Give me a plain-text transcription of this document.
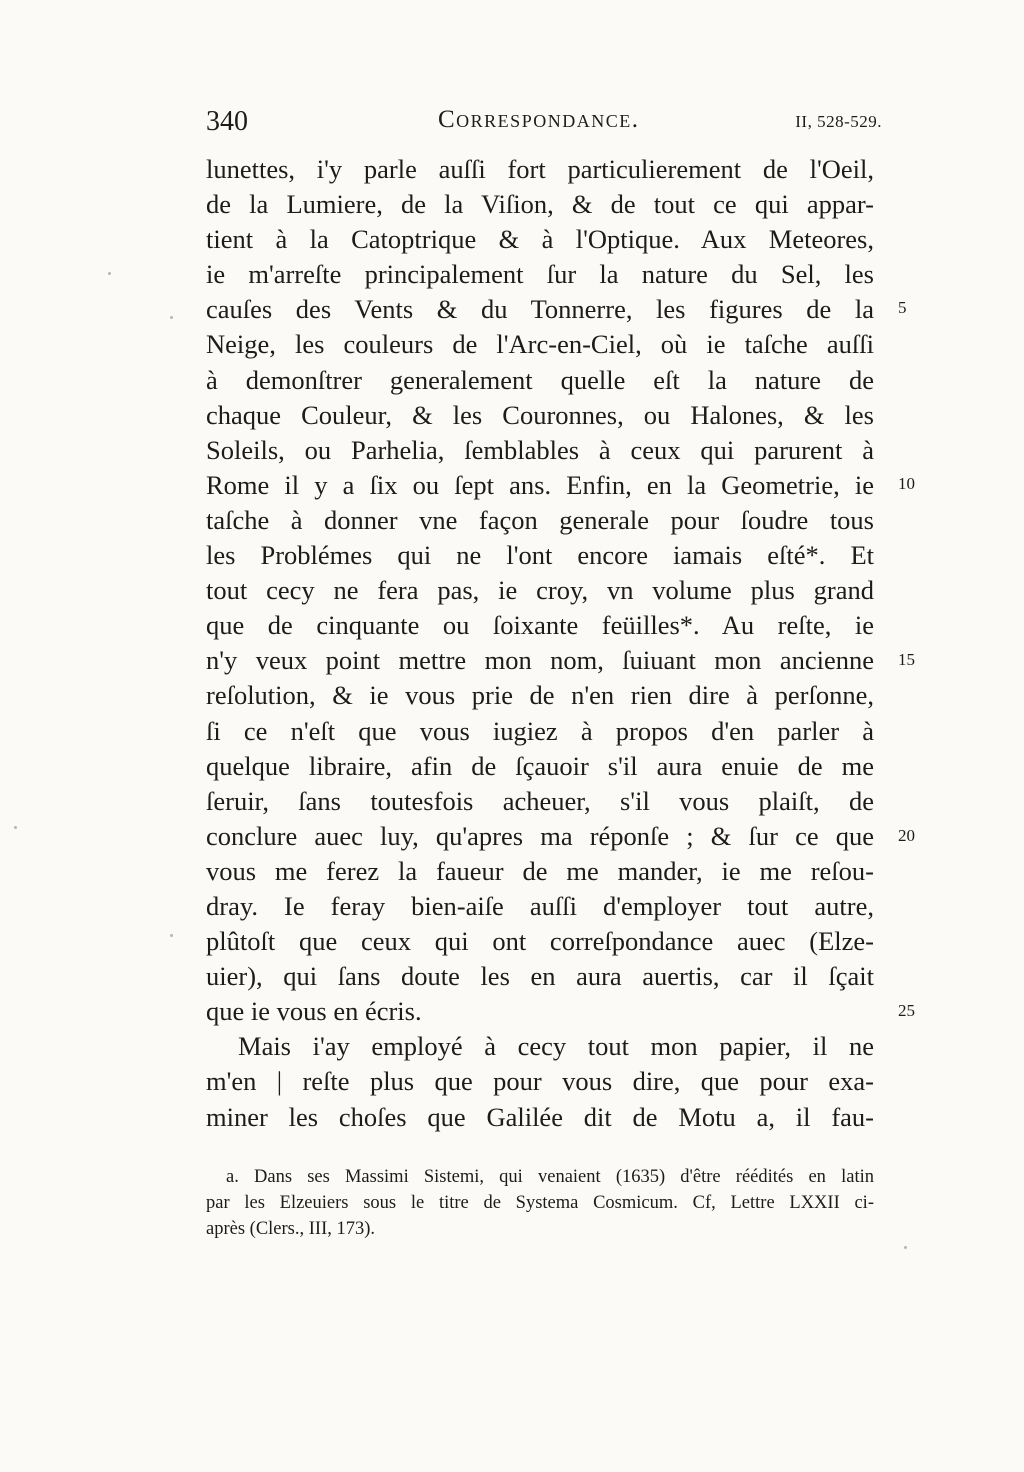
340	Correspondance.	II, 528-529.
lunettes, i'y parle auſſi fort particulierement de l'Oeil,
de la Lumiere, de la Viſion, & de tout ce qui appar-
tient à la Catoptrique & à l'Optique. Aux Meteores,
ie m'arreſte principalement ſur la nature du Sel, les
cauſes des Vents & du Tonnerre, les figures de la
Neige, les couleurs de l'Arc-en-Ciel, où ie taſche auſſi
à demonſtrer generalement quelle eſt la nature de
chaque Couleur, & les Couronnes, ou Halones, & les
Soleils, ou Parhelia, ſemblables à ceux qui parurent à
Rome il y a ſix ou ſept ans. Enfin, en la Geometrie, ie
taſche à donner vne façon generale pour ſoudre tous
les Problémes qui ne l'ont encore iamais eſté*. Et
tout cecy ne fera pas, ie croy, vn volume plus grand
que de cinquante ou ſoixante feüilles*. Au reſte, ie
n'y veux point mettre mon nom, ſuiuant mon ancienne
reſolution, & ie vous prie de n'en rien dire à perſonne,
ſi ce n'eſt que vous iugiez à propos d'en parler à
quelque libraire, afin de ſçauoir s'il aura enuie de me
ſeruir, ſans toutesfois acheuer, s'il vous plaiſt, de
conclure auec luy, qu'apres ma réponſe ; & ſur ce que
vous me ferez la faueur de me mander, ie me reſou-
dray. Ie feray bien-aiſe auſſi d'employer tout autre,
plûtoſt que ceux qui ont correſpondance auec (Elze-
uier), qui ſans doute les en aura auertis, car il ſçait
que ie vous en écris.
Mais i'ay employé à cecy tout mon papier, il ne
m'en | reſte plus que pour vous dire, que pour exa-
miner les choſes que Galilée dit de Motu a, il fau-
5
10
15
20
25
a. Dans ses Massimi Sistemi, qui venaient (1635) d'être réédités en latin
par les Elzeuiers sous le titre de Systema Cosmicum. Cf, Lettre LXXII ci-
après (Clers., III, 173).
